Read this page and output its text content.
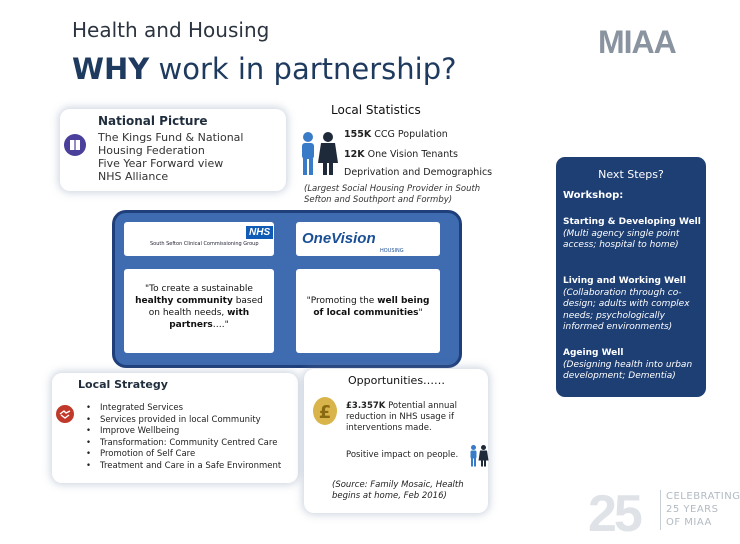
Health and Housing
WHY work in partnership?
MIAA
National Picture
The Kings Fund & National
Housing Federation
Five Year Forward view
NHS Alliance
Local Statistics
155K CCG Population
12K One Vision Tenants
Deprivation and Demographics
(Largest Social Housing Provider in South Sefton and Southport and Formby)
NHS
South Sefton Clinical Commissioning Group	OneVision
HOUSING
"To create a sustainable healthy community based on health needs, with partners…."
"Promoting the well being of local communities"
Local Strategy
• Integrated Services
• Services provided in local Community
• Improve Wellbeing
• Transformation: Community Centred Care
• Promotion of Self Care
• Treatment and Care in a Safe Environment
Opportunities……
£ £3.357K Potential annual reduction in NHS usage if interventions made.
Positive impact on people.
(Source: Family Mosaic, Health begins at home, Feb 2016)
Next Steps?
Workshop:
Starting & Developing Well
(Multi agency single point access; hospital to home)
Living and Working Well
(Collaboration through co-design; adults with complex needs; psychologically informed environments)
Ageing Well
(Designing health into urban development; Dementia)
25	CELEBRATING
25 YEARS
OF MIAA
